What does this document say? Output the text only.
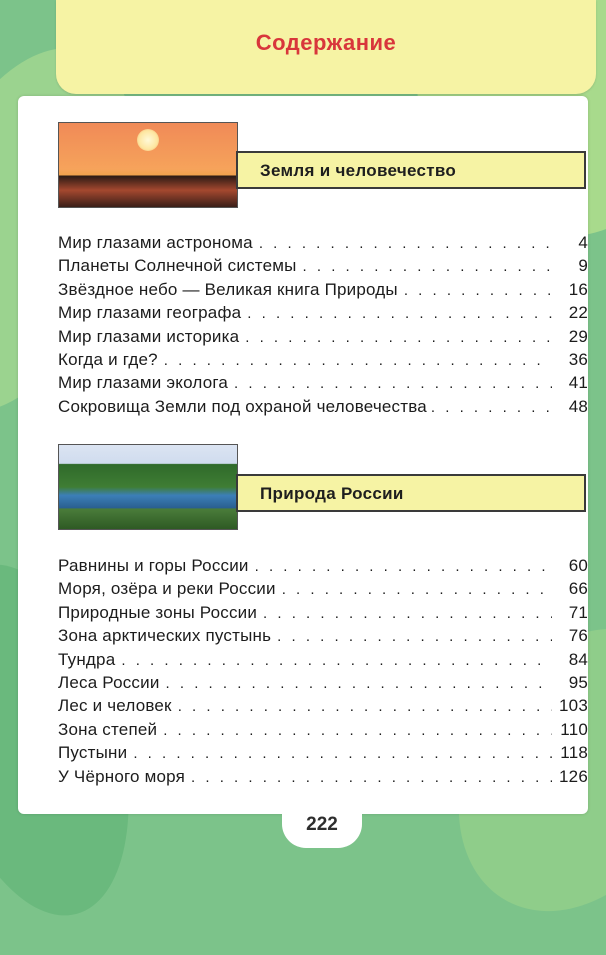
Содержание
Земля и человечество
Мир глазами астронома . . .	4
Планеты Солнечной системы . . .	9
Звёздное небо — Великая книга Природы . . .	16
Мир глазами географа . . .	22
Мир глазами историка . . .	29
Когда и где? . . .	36
Мир глазами эколога . . .	41
Сокровища Земли под охраной человечества . . .	48
Природа России
Равнины и горы России . . .	60
Моря, озёра и реки России . . .	66
Природные зоны России . . .	71
Зона арктических пустынь . . .	76
Тундра . . .	84
Леса России . . .	95
Лес и человек . . .	103
Зона степей . . .	110
Пустыни . . .	118
У Чёрного моря . . .	126
222
